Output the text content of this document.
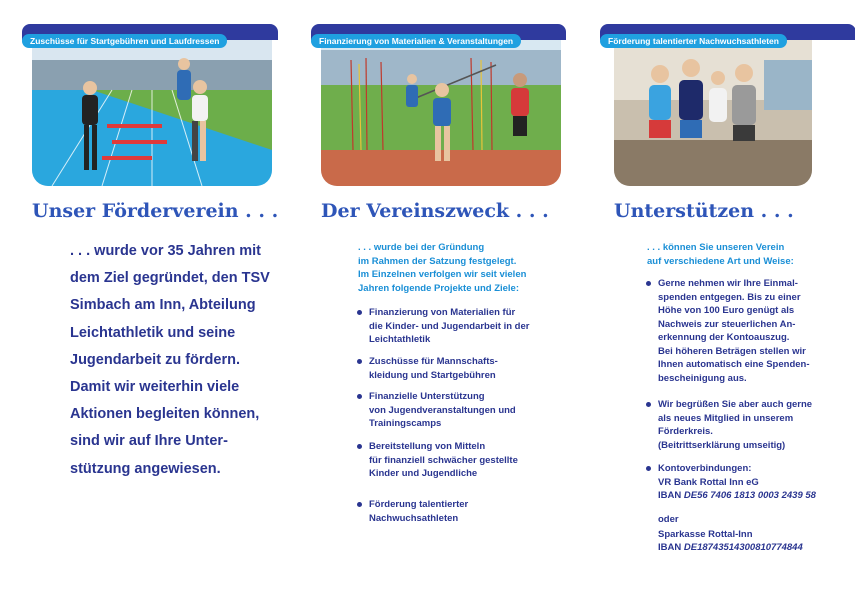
Zuschüsse für Startgebühren und Laufdressen
Unser Förderverein . . .
. . . wurde vor 35 Jahren mit
dem Ziel gegründet, den TSV
Simbach am Inn, Abteilung
Leichtathletik und seine
Jugendarbeit zu fördern.
Damit wir weiterhin viele
Aktionen begleiten können,
sind wir auf Ihre Unter-
stützung angewiesen.
Finanzierung von Materialien & Veranstaltungen
Der Vereinszweck . . .
. . . wurde bei der Gründung
im Rahmen der Satzung festgelegt.
Im Einzelnen verfolgen wir seit vielen
Jahren folgende Projekte und Ziele:
Finanzierung von Materialien für
die Kinder- und Jugendarbeit in der
Leichtathletik
Zuschüsse für Mannschafts-
kleidung und Startgebühren
Finanzielle Unterstützung
von Jugendveranstaltungen und
Trainingscamps
Bereitstellung von Mitteln
für finanziell schwächer gestellte
Kinder und Jugendliche
Förderung talentierter
Nachwuchsathleten
Förderung talentierter Nachwuchsathleten
Unterstützen . . .
. . . können Sie unseren Verein
auf verschiedene Art und Weise:
Gerne nehmen wir Ihre Einmal-
spenden entgegen. Bis zu einer
Höhe von 100 Euro genügt als
Nachweis zur steuerlichen An-
erkennung der Kontoauszug.
Bei höheren Beträgen stellen wir
Ihnen automatisch eine Spenden-
bescheinigung aus.
Wir begrüßen Sie aber auch gerne
als neues Mitglied in unserem
Förderkreis.
(Beitrittserklärung umseitig)
Kontoverbindungen:
VR Bank Rottal Inn eG
IBAN DE56 7406 1813 0003 2439 58
oder
Sparkasse Rottal-Inn
IBAN DE18743514300810774844
